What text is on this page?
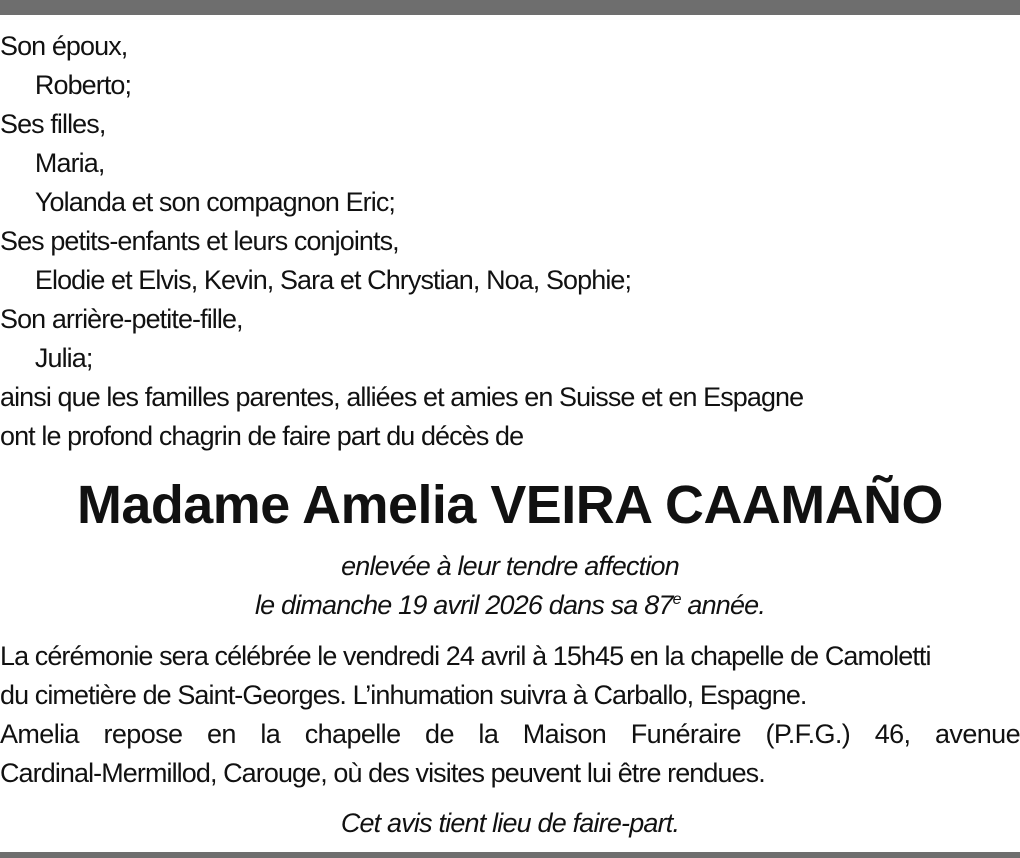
Son époux,
Roberto;
Ses filles,
Maria,
Yolanda et son compagnon Eric;
Ses petits-enfants et leurs conjoints,
Elodie et Elvis, Kevin, Sara et Chrystian, Noa, Sophie;
Son arrière-petite-fille,
Julia;
ainsi que les familles parentes, alliées et amies en Suisse et en Espagne
ont le profond chagrin de faire part du décès de
Madame Amelia VEIRA CAAMAÑO
enlevée à leur tendre affection
le dimanche 19 avril 2026 dans sa 87e année.
La cérémonie sera célébrée le vendredi 24 avril à 15h45 en la chapelle de Camoletti
du cimetière de Saint-Georges. L’inhumation suivra à Carballo, Espagne.
Amelia repose en la chapelle de la Maison Funéraire (P.F.G.) 46, avenue
Cardinal-Mermillod, Carouge, où des visites peuvent lui être rendues.
Cet avis tient lieu de faire-part.
